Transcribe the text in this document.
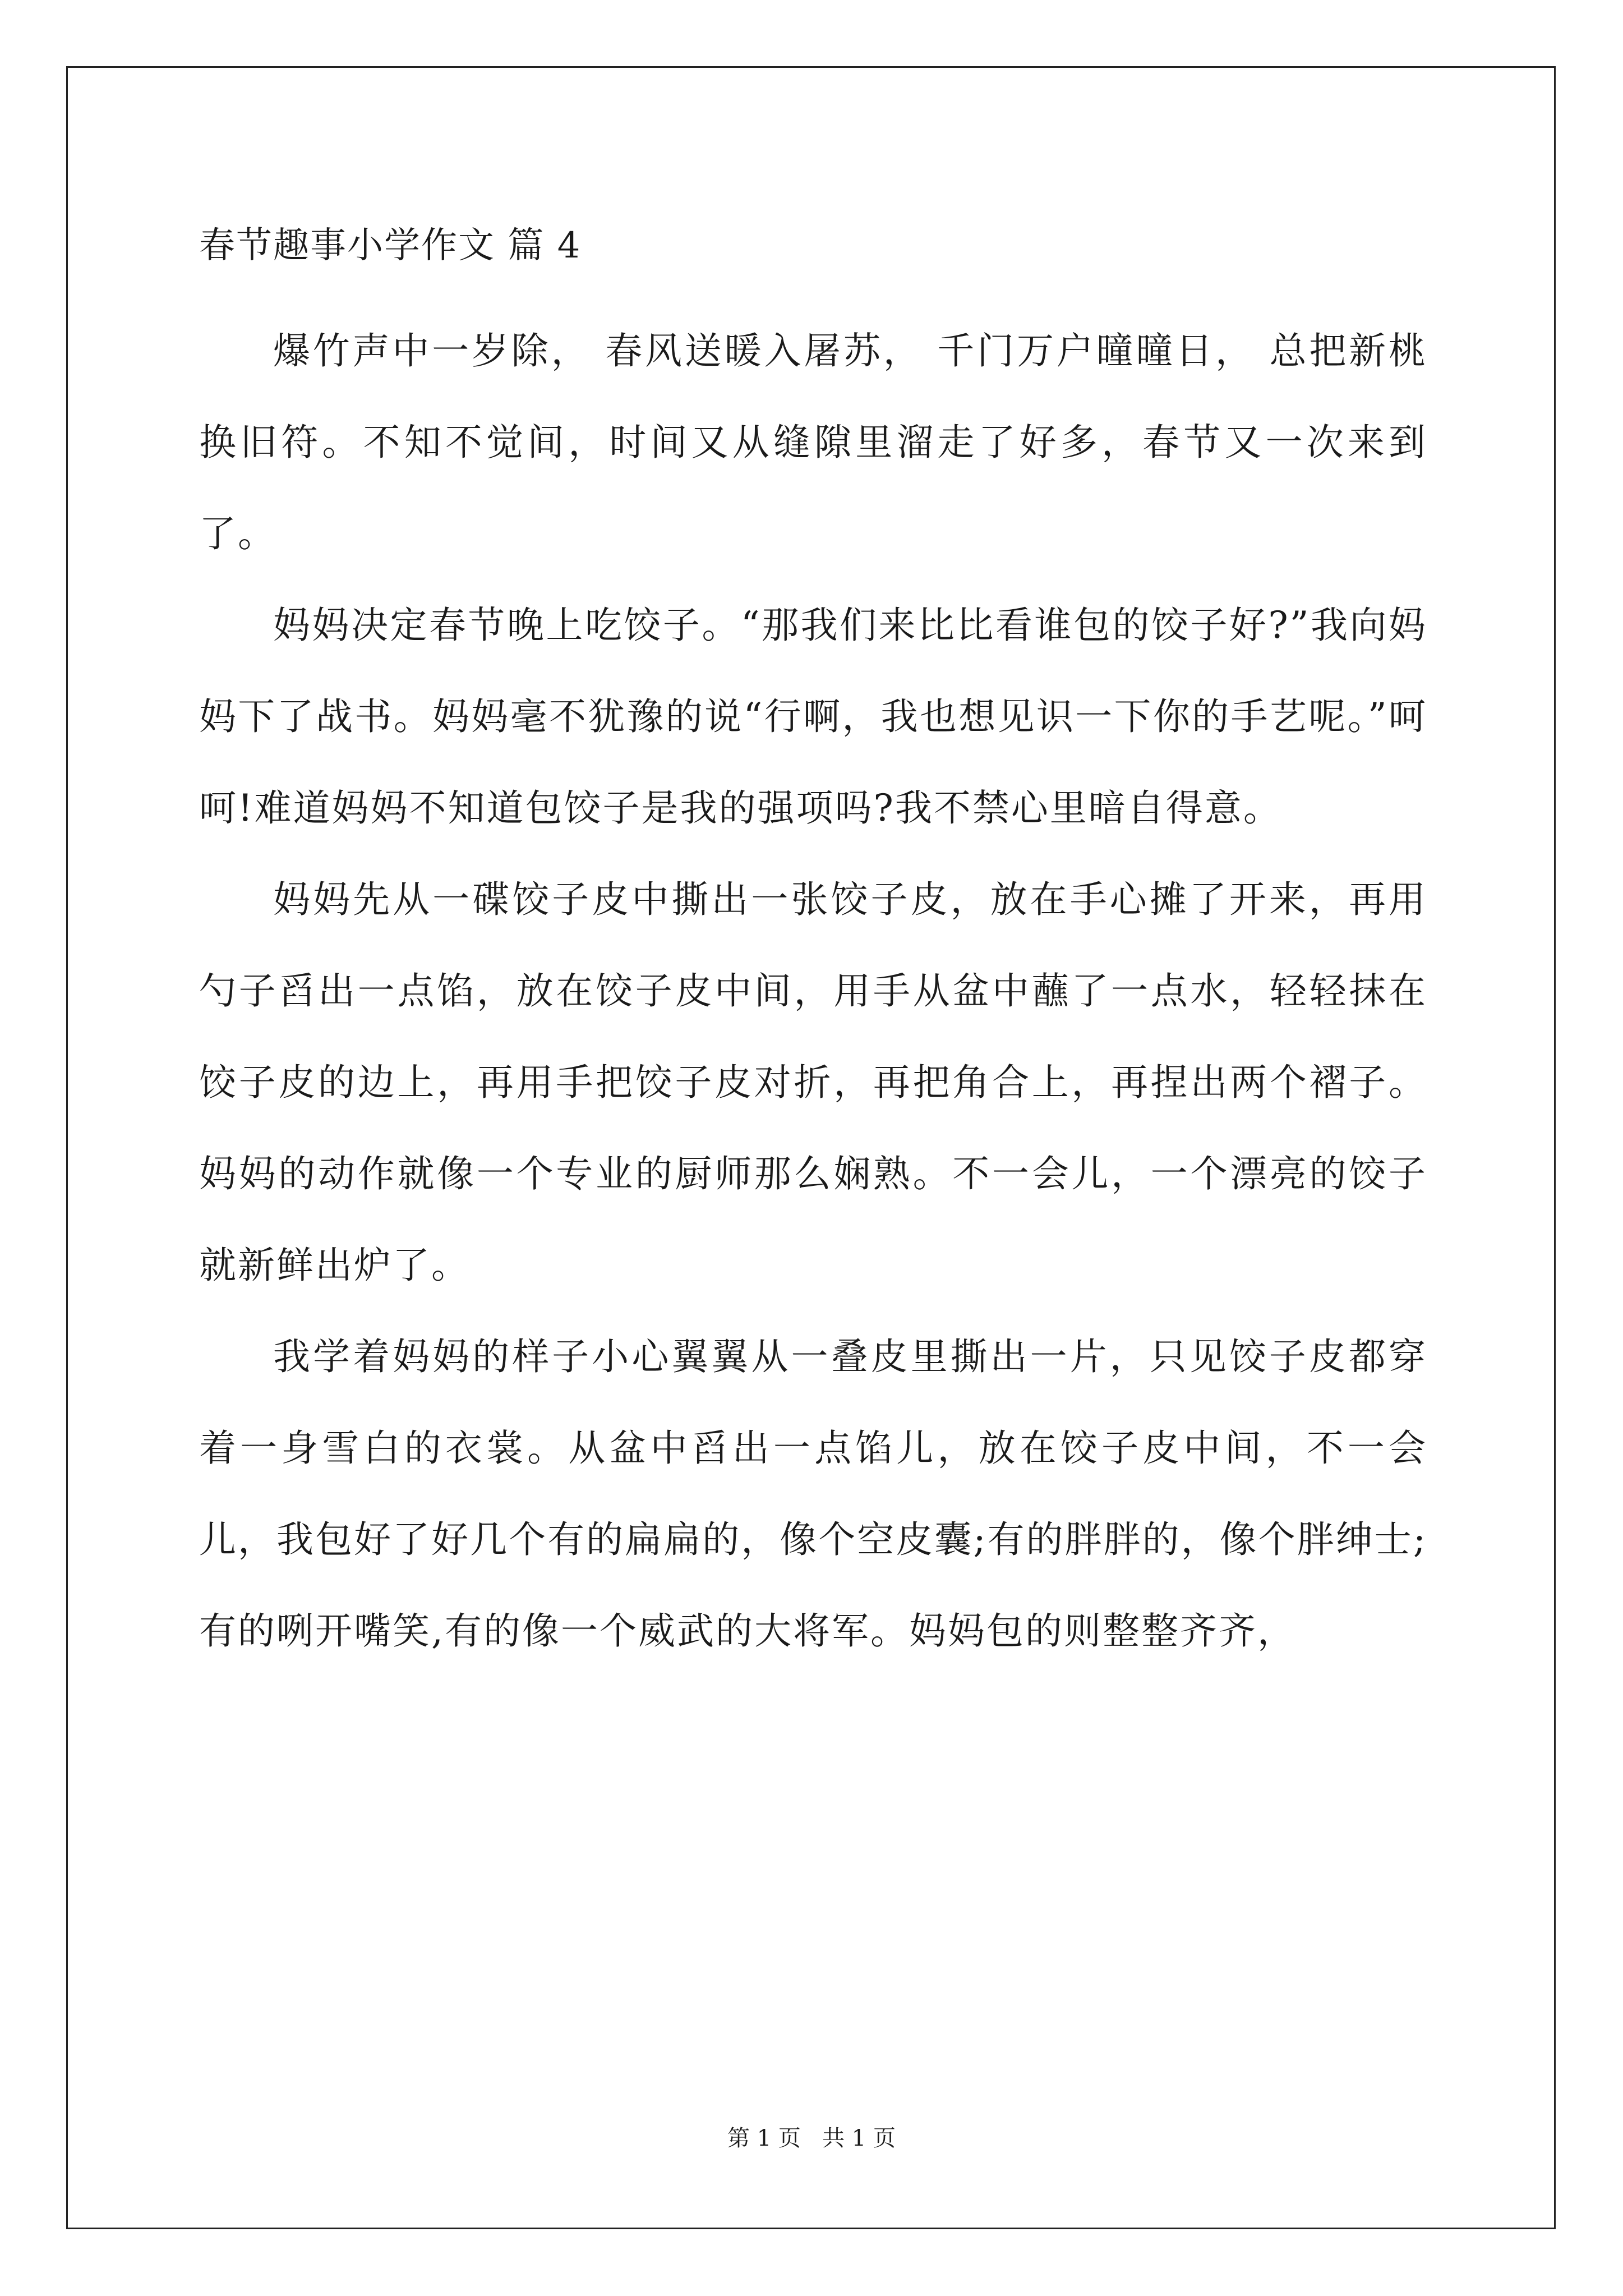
春节趣事小学作文 篇 4

爆竹声中一岁除， 春风送暖入屠苏， 千门万户曈曈日， 总把新桃换旧符。不知不觉间，时间又从缝隙里溜走了好多，春节又一次来到了。

妈妈决定春节晚上吃饺子。“那我们来比比看谁包的饺子好?”我向妈妈下了战书。妈妈毫不犹豫的说“行啊，我也想见识一下你的手艺呢。”呵呵!难道妈妈不知道包饺子是我的强项吗?我不禁心里暗自得意。

妈妈先从一碟饺子皮中撕出一张饺子皮，放在手心摊了开来，再用勺子舀出一点馅，放在饺子皮中间，用手从盆中蘸了一点水，轻轻抹在饺子皮的边上，再用手把饺子皮对折，再把角合上，再捏出两个褶子。妈妈的动作就像一个专业的厨师那么娴熟。不一会儿，一个漂亮的饺子就新鲜出炉了。

我学着妈妈的样子小心翼翼从一叠皮里撕出一片，只见饺子皮都穿着一身雪白的衣裳。从盆中舀出一点馅儿，放在饺子皮中间，不一会儿，我包好了好几个有的扁扁的，像个空皮囊;有的胖胖的，像个胖绅士;有的咧开嘴笑,有的像一个威武的大将军。妈妈包的则整整齐齐，

第 1 页   共 1 页
